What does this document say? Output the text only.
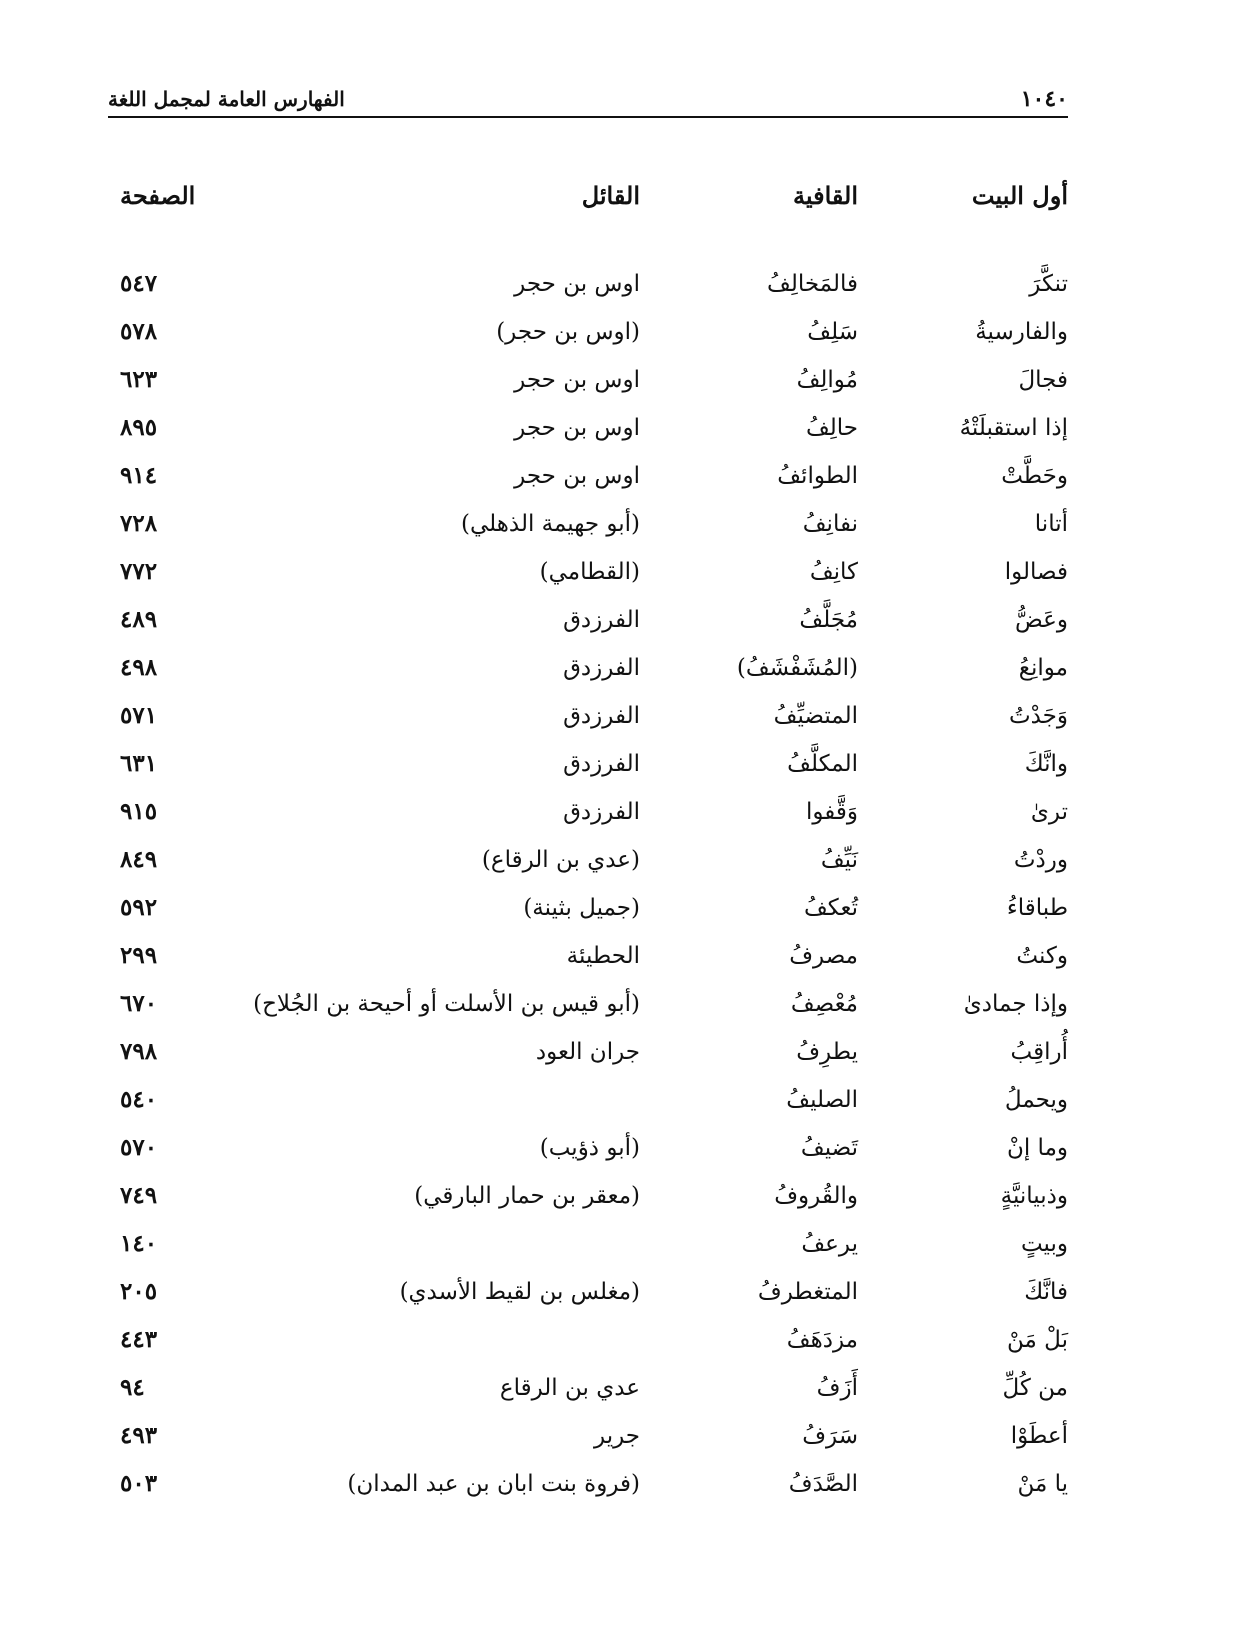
١٠٤٠
الفهارس العامة لمجمل اللغة
أول البيت
القافية
القائل
الصفحة
تنكَّرَ
فالمَخالِفُ
اوس بن حجر
٥٤٧
والفارسيةُ
سَلِفُ
(اوس بن حجر)
٥٧٨
فجالَ
مُوالِفُ
اوس بن حجر
٦٢٣
إذا استقبلَتْهُ
حالِفُ
اوس بن حجر
٨٩٥
وحَطَّتْ
الطوائفُ
اوس بن حجر
٩١٤
أتانا
نفانِفُ
(أبو جهيمة الذهلي)
٧٢٨
فصالوا
كانِفُ
(القطامي)
٧٧٢
وعَضُّ
مُجَلَّفُ
الفرزدق
٤٨٩
موانِعُ
(المُشَفْشَفُ)
الفرزدق
٤٩٨
وَجَدْتُ
المتضيِّفُ
الفرزدق
٥٧١
وانَّكَ
المكلَّفُ
الفرزدق
٦٣١
ترىٰ
وَقَّفوا
الفرزدق
٩١٥
وردْتُ
نَيِّفُ
(عدي بن الرقاع)
٨٤٩
طباقاءُ
تُعكفُ
(جميل بثينة)
٥٩٢
وكنتُ
مصرفُ
الحطيئة
٢٩٩
وإذا جمادىٰ
مُعْصِفُ
(أبو قيس بن الأسلت أو أحيحة بن الجُلاح)
٦٧٠
أُراقِبُ
يطرِفُ
جران العود
٧٩٨
ويحملُ
الصليفُ
٥٤٠
وما إنْ
تَضيفُ
(أبو ذؤيب)
٥٧٠
وذبيانيَّةٍ
والقُروفُ
(معقر بن حمار البارقي)
٧٤٩
وبيتٍ
يرعفُ
١٤٠
فانَّكَ
المتغطرفُ
(مغلس بن لقيط الأسدي)
٢٠٥
بَلْ مَنْ
مزدَهَفُ
٤٤٣
من كُلِّ
أَزَفُ
عدي بن الرقاع
٩٤
أعطَوْا
سَرَفُ
جرير
٤٩٣
يا مَنْ
الصَّدَفُ
(فروة بنت ابان بن عبد المدان)
٥٠٣
